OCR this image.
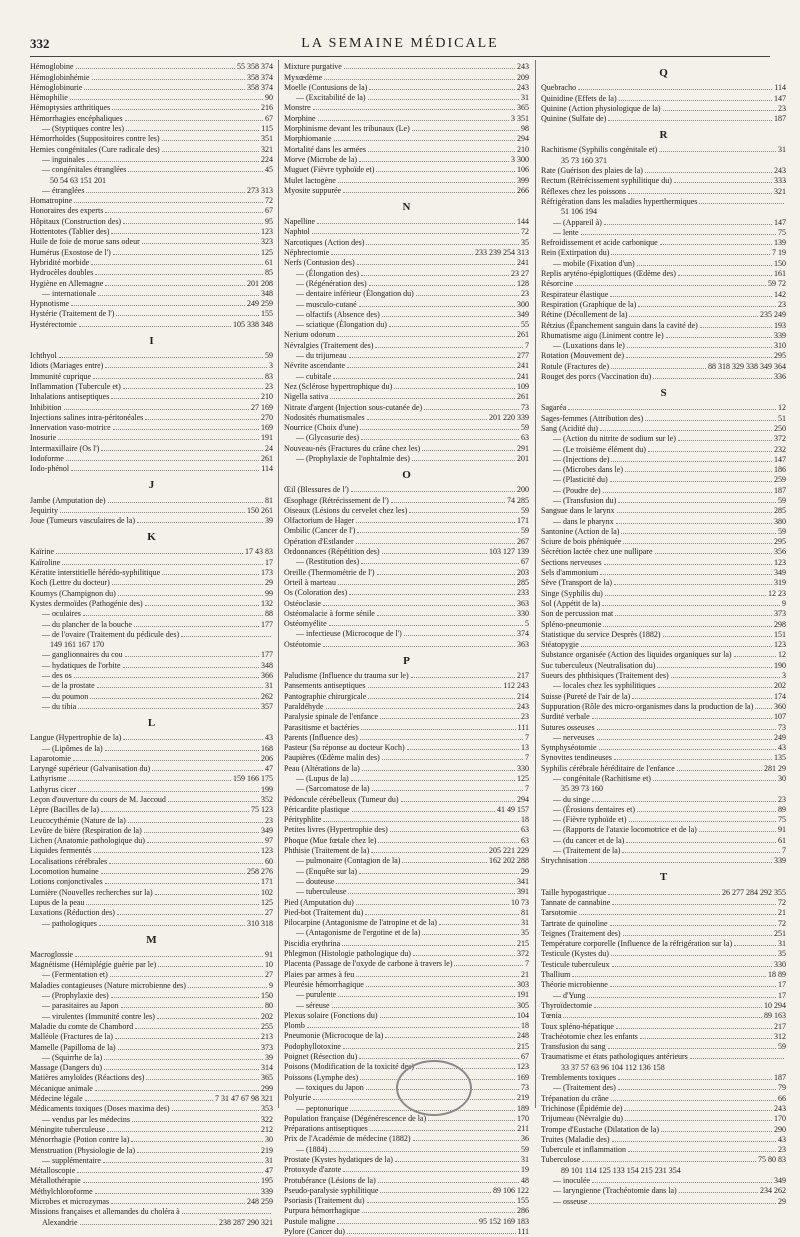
332	LA SEMAINE MÉDICALE
Hémoglobine	55 358 374
Hémoglobinhémie	358 374
Hémoglobinurie	358 374
Hémophilie	90
Hémoptysies arthritiques	216
Hémorrhagies encéphaliques	67
— (Styptiques contre les)	115
Hémorrhoïdes (Suppositoires contre les)	351
Hernies congénitales (Cure radicale des)	321
— inguinales	224
— congénitales étranglées	45
50 54 63 151 201
— étranglées	273 313
Homatropine	72
Honoraires des experts	67
Hôpitaux (Construction des)	95
Hottentotes (Tablier des)	123
Huile de foie de morue sans odeur	323
Humérus (Exostose de l')	125
Hybridité morbide	61
Hydrocèles doubles	85
Hygiène en Allemagne	201 208
— internationale	348
Hypnotisme	249 259
Hystérie (Traitement de l')	155
Hystérectomie	105 338 348
I
Ichthyol	59
Idiots (Mariages entre)	3
Immunité cuprique	83
Inflammation (Tubercule et)	23
Inhalations antiseptiques	210
Inhibition	27 169
Injections salines intra-péritonéales	270
Innervation vaso-motrice	169
Inosurie	191
Intermaxillaire (Os l')	24
Iodoforme	261
Iodo-phénol	114
J
Jambe (Amputation de)	81
Jequirity	150 261
Joue (Tumeurs vasculaires de la)	39
K
Kaïrine	17 43 83
Kaïroline	17
Kératite interstitielle hérédo-syphilitique	173
Koch (Lettre du docteur)	29
Koumys (Champignon du)	99
Kystes dermoïdes (Pathogénie des)	132
— oculaires	88
— du plancher de la bouche	177
— de l'ovaire (Traitement du pédicule des)
149 161 167 170
— ganglionnaires du cou	177
— hydatiques de l'orbite	348
— des os	366
— de la prostate	31
— du poumon	262
— du tibia	357
L
Langue (Hypertrophie de la)	43
— (Lipômes de la)	168
Laparotomie	206
Laryngé supérieur (Galvanisation du)	47
Lathyrisme	159 166 175
Lathyrus cicer	199
Leçon d'ouverture du cours de M. Jaccoud	352
Lèpre (Bacilles de la)	75 123
Leucocythémie (Nature de la)	23
Levûre de bière (Respiration de la)	349
Lichen (Anatomie pathologique du)	97
Liquides fermentés	123
Localisations cérébrales	60
Locomotion humaine	258 276
Lotions conjonctivales	171
Lumière (Nouvelles recherches sur la)	102
Lupus de la peau	125
Luxations (Réduction des)	27
— pathologiques	310 318
M
Macroglossie	91
Magnétisme (Hémiplégie guérie par le)	10
— (Fermentation et)	27
Maladies contagieuses (Nature microbienne des)	9
— (Prophylaxie des)	150
— parasitaires au Japon	80
— virulentes (Immunité contre les)	202
Maladie du comte de Chambord	255
Malléole (Fractures de la)	213
Mamelle (Papilloma de la)	373
— (Squirrhe de la)	39
Massage (Dangers du)	314
Matières amyloïdes (Réactions des)	365
Mécanique animale	299
Médecine légale	7 31 47 67 98 321
Médicaments toxiques (Doses maxima des)	353
— vendus par les médecins	322
Méningite tuberculeuse	212
Ménorrhagie (Potion contre la)	30
Menstruation (Physiologie de la)	219
— supplémentaire	31
Métalloscopie	47
Métallothérapie	195
Méthylchloroforme	339
Microbes et microzymas	248 259
Missions françaises et allemandes du choléra à
Alexandrie	238 287 290 321
Mixture purgative	243
Myxœdème	209
Moelle (Contusions de la)	243
— (Excitabilité de la)	31
Monstre	365
Morphine	3 351
Morphinisme devant les tribunaux (Le)	98
Morphiomanie	294
Mortalité dans les armées	210
Morve (Microbe de la)	3 300
Muguet (Fièvre typhoïde et)	106
Mulet lactogène	399
Myosite suppurée	266
N
Napelline	144
Naphtol	72
Narcotiques (Action des)	35
Néphrectomie	233 239 254 313
Nerfs (Contusion des)	241
— (Élongation des)	23 27
— (Régénération des)	128
— dentaire inférieur (Élongation du)	23
— musculo-cutané	300
— olfactifs (Absence des)	349
— sciatique (Élongation du)	55
Nerium odorum	261
Névralgies (Traitement des)	7
— du trijumeau	277
Névrite ascendante	241
— cubitale	241
Nez (Sclérose hypertrophique du)	109
Nigella sativa	261
Nitrate d'argent (Injection sous-cutanée de)	73
Nodosités rhumatismales	201 220 339
Nourrice (Choix d'une)	59
— (Glycosurie des)	63
Nouveau-nés (Fractures du crâne chez les)	291
— (Prophylaxie de l'ophtalmie des)	201
O
Œil (Blessures de l')	200
Œsophage (Rétrécissement de l')	74 285
Oiseaux (Lésions du cervelet chez les)	59
Olfactorium de Hager	171
Ombilic (Cancer de l')	59
Opération d'Estlander	267
Ordonnances (Répétition des)	103 127 139
— (Restitution des)	67
Oreille (Thermométrie de l')	203
Orteil à marteau	285
Os (Coloration des)	233
Ostéoclasie	363
Ostéomalacie à forme sénile	330
Ostéomyélite	5
— infectieuse (Microcoque de l')	374
Ostéotomie	363
P
Paludisme (Influence du trauma sur le)	217
Pansements antiseptiques	112 243
Pantographie chirurgicale	214
Paraldéhyde	243
Paralysie spinale de l'enfance	23
Parasitisme et bactéries	111
Parents (Influence des)	7
Pasteur (Sa réponse au docteur Koch)	13
Paupières (Œdème malin des)	7
Peau (Altérations de la)	330
— (Lupus de la)	125
— (Sarcomatose de la)	7
Pédoncule cérébelleux (Tumeur du)	294
Péricardite plastique	41 49 157
Pérityphlite	18
Petites livres (Hypertrophie des)	63
Phoque (Mue fœtale chez le)	63
Phthisie (Traitement de la)	205 221 229
— pulmonaire (Contagion de la)	162 202 288
— (Enquête sur la)	29
— douteuse	341
— tuberculeuse	391
Pied (Amputation du)	10 73
Pied-bot (Traitement du)	81
Pilocarpine (Antagonisme de l'atropine et de la)	31
— (Antagonisme de l'ergotine et de la)	35
Piscidia erythrina	215
Phlegmon (Histologie pathologique du)	372
Placenta (Passage de l'oxyde de carbone à travers le)	7
Plaies par armes à feu	21
Pleurésie hémorrhagique	303
— purulente	191
— séreuse	305
Plexus solaire (Fonctions du)	104
Plomb	18
Pneumonie (Microcoque de la)	248
Podophyllotoxine	215
Poignet (Résection du)	67
Poisons (Modification de la toxicité des)	123
Poissons (Lymphe des)	169
— toxiques du Japon	73
Polyurie	219
— peptonurique	189
Population française (Dégénérescence de la)	170
Préparations antiseptiques	211
Prix de l'Académie de médecine (1882)	36
— (1884)	59
Prostate (Kystes hydatiques de la)	31
Protoxyde d'azote	19
Protubérance (Lésions de la)	48
Pseudo-paralysie syphilitique	89 106 122
Psoriasis (Traitement du)	155
Purpura hémorrhagique	286
Pustule maligne	95 152 169 183
Pylore (Cancer du)	111
Q
Quebracho	114
Quinidine (Effets de la)	147
Quinine (Action physiologique de la)	23
Quinine (Sulfate de)	187
R
Rachitisme (Syphilis congénitale et)	31
35 73 160 371
Rate (Guérison des plaies de la)	243
Rectum (Rétrécissement syphilitique du)	333
Réflexes chez les poissons	321
Réfrigération dans les maladies hyperthermiques
51 106 194
— (Appareil à)	147
— lente	75
Refroidissement et acide carbonique	139
Rein (Extirpation du)	7 19
— mobile (Fixation d'un)	150
Replis aryténo-épiglottiques (Œdème des)	161
Résorcine	59 72
Respirateur élastique	142
Respiration (Graphique de la)	23
Rétine (Décollement de la)	235 249
Rétzius (Épanchement sanguin dans la cavité de)	193
Rhumatisme aigu (Liniment contre le)	339
— (Luxations dans le)	310
Rotation (Mouvement de)	295
Rotule (Fractures de)	88 318 329 338 349 364
Rouget des porcs (Vaccination du)	336
S
Sagaréa	12
Sages-femmes (Attribution des)	51
Sang (Acidité du)	250
— (Action du nitrite de sodium sur le)	372
— (Le troisième élément du)	232
— (Injections de)	147
— (Microbes dans le)	186
— (Plasticité du)	259
— (Poudre de)	187
— (Transfusion du)	59
Sangsue dans le larynx	285
— dans le pharynx	380
Santonine (Action de la)	59
Sciure de bois phéniquée	295
Sécrétion lactée chez une nullipare	356
Sections nerveuses	123
Sels d'ammonium	349
Sève (Transport de la)	319
Singe (Syphilis du)	12 23
Sol (Appétit de la)	9
Son de percussion mat	373
Spléno-pneumonie	298
Statistique du service Desprès (1882)	151
Stéatopygie	123
Substance organisée (Action des liquides organiques sur la)	12
Suc tuberculeux (Neutralisation du)	190
Sueurs des phthisiques (Traitement des)	3
— locales chez les syphilitiques	202
Suisse (Pureté de l'air de la)	174
Suppuration (Rôle des micro-organismes dans la production de la)	360
Surdité verbale	107
Sutures osseuses	73
— nerveuses	249
Symphyséotomie	43
Synovites tendineuses	135
Syphilis cérébrale héréditaire de l'enfance	281 29
— congénitale (Rachitisme et)	30
35 39 73 160
— du singe	23
— (Érosions dentaires et)	89
— (Fièvre typhoïde et)	75
— (Rapports de l'ataxie locomotrice et de la)	91
— (du cancer et de la)	61
— (Traitement de la)	7
Strychnisation	339
T
Taille hypogastrique	26 277 284 292 355
Tannate de cannabine	72
Tarsotomie	21
Tartrate de quinoline	72
Teignes (Traitement des)	251
Température corporelle (Influence de la réfrigération sur la)	31
Testicule (Kystes du)	35
Testicule tuberculeux	330
Thallium	18 89
Théorie microbienne	17
— d'Yung	17
Thyroïdectomie	10 294
Tœnia	89 163
Toux spléno-hépatique	217
Trachéotomie chez les enfants	312
Transfusion du sang	59
Traumatisme et états pathologiques antérieurs
33 37 57 63 96 104 112 136 158
Tremblements toxiques	187
— (Traitement des)	79
Trépanation du crâne	66
Trichinose (Épidémie de)	243
Trijumeau (Névralgie du)	170
Trompe d'Eustache (Dilatation de la)	290
Truites (Maladie des)	43
Tubercule et inflammation	23
Tuberculose	75 80 83
89 101 114 125 133 154 215 231 354
— inoculée	349
— laryngienne (Trachéotomie dans la)	234 262
— osseuse	29
